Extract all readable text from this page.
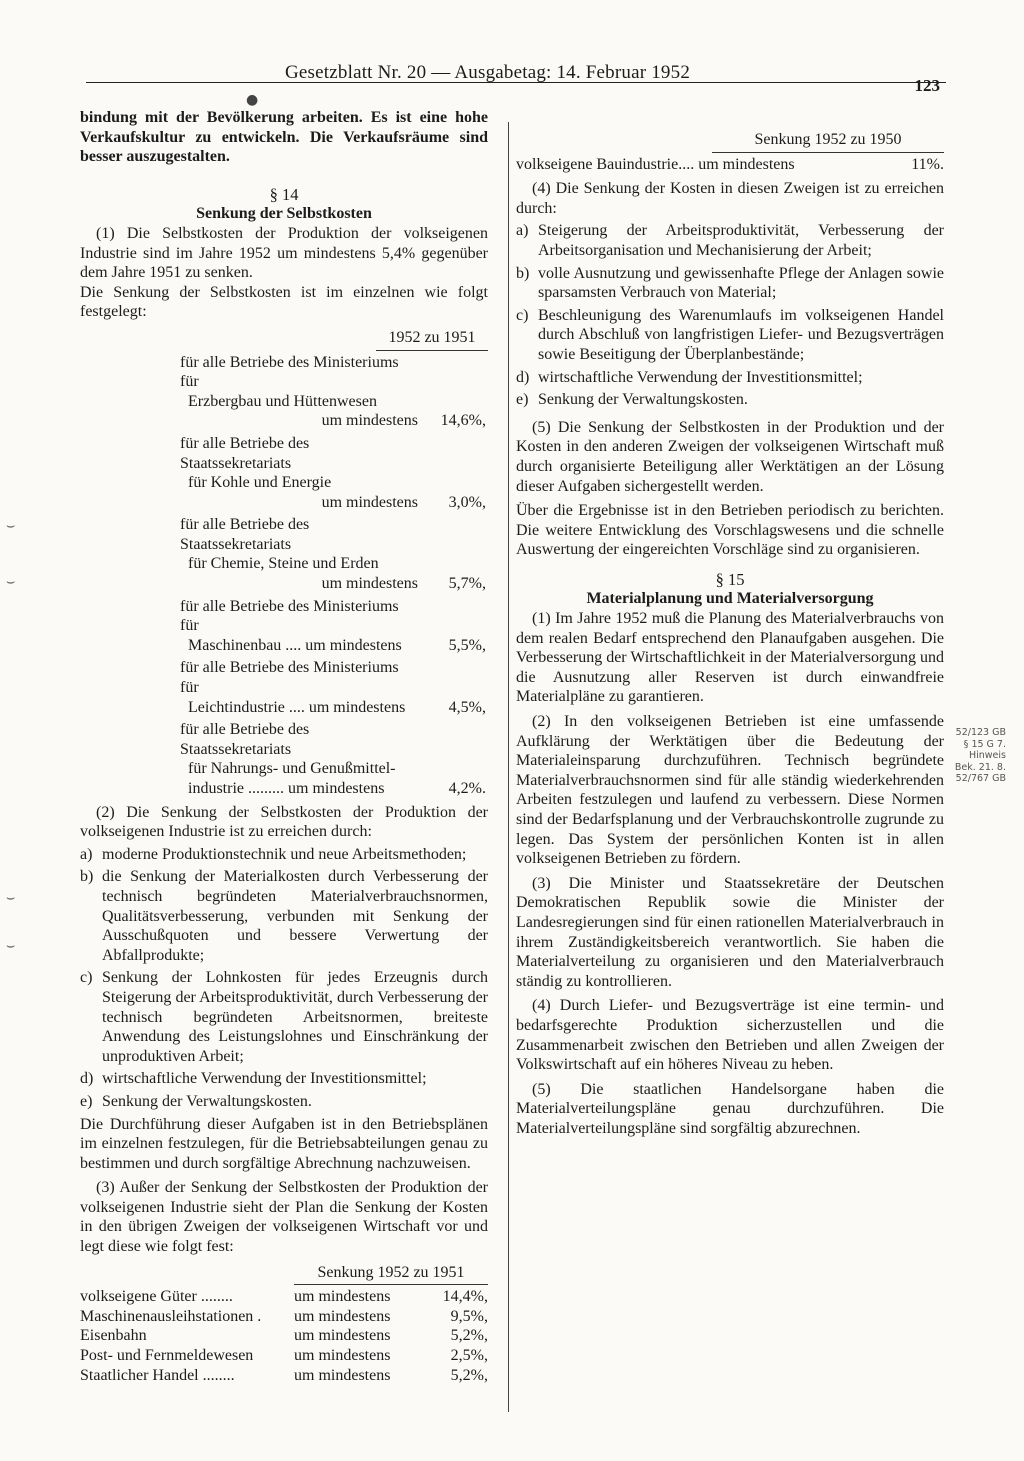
Gesetzblatt Nr. 20 — Ausgabetag: 14. Februar 1952
123
●

bindung mit der Bevölkerung arbeiten. Es ist eine hohe Verkaufskultur zu entwickeln. Die Verkaufsräume sind besser auszugestalten.

§ 14
Senkung der Selbstkosten

(1) Die Selbstkosten der Produktion der volkseigenen Industrie sind im Jahre 1952 um mindestens 5,4% gegenüber dem Jahre 1951 zu senken.

Die Senkung der Selbstkosten ist im einzelnen wie folgt festgelegt:

1952 zu 1951
für alle Betriebe des Ministeriums für
Erzbergbau und Hüttenwesen
um mindestens	14,6%,
für alle Betriebe des Staatssekretariats
für Kohle und Energie
um mindestens	3,0%,
für alle Betriebe des Staatssekretariats
für Chemie, Steine und Erden
um mindestens	5,7%,
für alle Betriebe des Ministeriums für
Maschinenbau .... um mindestens	5,5%,
für alle Betriebe des Ministeriums für
Leichtindustrie .... um mindestens	4,5%,
für alle Betriebe des Staatssekretariats
für Nahrungs- und Genußmittel-
industrie ......... um mindestens	4,2%.

(2) Die Senkung der Selbstkosten der Produktion der volkseigenen Industrie ist zu erreichen durch:

a) moderne Produktionstechnik und neue Arbeitsmethoden;
b) die Senkung der Materialkosten durch Verbesserung der technisch begründeten Materialverbrauchsnormen, Qualitätsverbesserung, verbunden mit Senkung der Ausschußquoten und bessere Verwertung der Abfallprodukte;
c) Senkung der Lohnkosten für jedes Erzeugnis durch Steigerung der Arbeitsproduktivität, durch Verbesserung der technisch begründeten Arbeitsnormen, breiteste Anwendung des Leistungslohnes und Einschränkung der unproduktiven Arbeit;
d) wirtschaftliche Verwendung der Investitionsmittel;
e) Senkung der Verwaltungskosten.

Die Durchführung dieser Aufgaben ist in den Betriebsplänen im einzelnen festzulegen, für die Betriebsabteilungen genau zu bestimmen und durch sorgfältige Abrechnung nachzuweisen.

(3) Außer der Senkung der Selbstkosten der Produktion der volkseigenen Industrie sieht der Plan die Senkung der Kosten in den übrigen Zweigen der volkseigenen Wirtschaft vor und legt diese wie folgt fest:

Senkung 1952 zu 1951
volkseigene Güter ........	um mindestens	14,4%,
Maschinenausleihstationen .	um mindestens	9,5%,
Eisenbahn	um mindestens	5,2%,
Post- und Fernmeldewesen	um mindestens	2,5%,
Staatlicher Handel ........	um mindestens	5,2%,
Senkung 1952 zu 1950
volkseigene Bauindustrie.... um mindestens	11%.

(4) Die Senkung der Kosten in diesen Zweigen ist zu erreichen durch:

a) Steigerung der Arbeitsproduktivität, Verbesserung der Arbeitsorganisation und Mechanisierung der Arbeit;
b) volle Ausnutzung und gewissenhafte Pflege der Anlagen sowie sparsamsten Verbrauch von Material;
c) Beschleunigung des Warenumlaufs im volkseigenen Handel durch Abschluß von langfristigen Liefer- und Bezugsverträgen sowie Beseitigung der Überplanbestände;
d) wirtschaftliche Verwendung der Investitionsmittel;
e) Senkung der Verwaltungskosten.

(5) Die Senkung der Selbstkosten in der Produktion und der Kosten in den anderen Zweigen der volkseigenen Wirtschaft muß durch organisierte Beteiligung aller Werktätigen an der Lösung dieser Aufgaben sichergestellt werden.

Über die Ergebnisse ist in den Betrieben periodisch zu berichten. Die weitere Entwicklung des Vorschlagswesens und die schnelle Auswertung der eingereichten Vorschläge sind zu organisieren.

§ 15
Materialplanung und Materialversorgung

(1) Im Jahre 1952 muß die Planung des Materialverbrauchs von dem realen Bedarf entsprechend den Planaufgaben ausgehen. Die Verbesserung der Wirtschaftlichkeit in der Materialversorgung und die Ausnutzung aller Reserven ist durch einwandfreie Materialpläne zu garantieren.

(2) In den volkseigenen Betrieben ist eine umfassende Aufklärung der Werktätigen über die Bedeutung der Materialeinsparung durchzuführen. Technisch begründete Materialverbrauchsnormen sind für alle ständig wiederkehrenden Arbeiten festzulegen und laufend zu verbessern. Diese Normen sind der Bedarfsplanung und der Verbrauchskontrolle zugrunde zu legen. Das System der persönlichen Konten ist in allen volkseigenen Betrieben zu fördern.

(3) Die Minister und Staatssekretäre der Deutschen Demokratischen Republik sowie die Minister der Landesregierungen sind für einen rationellen Materialverbrauch in ihrem Zuständigkeitsbereich verantwortlich. Sie haben die Materialverteilung zu organisieren und den Materialverbrauch ständig zu kontrollieren.

(4) Durch Liefer- und Bezugsverträge ist eine termin- und bedarfsgerechte Produktion sicherzustellen und die Zusammenarbeit zwischen den Betrieben und allen Zweigen der Volkswirtschaft auf ein höheres Niveau zu heben.

(5) Die staatlichen Handelsorgane haben die Materialverteilungspläne genau durchzuführen. Die Materialverteilungspläne sind sorgfältig abzurechnen.

52/123 GB
§ 15 G 7.
Hinweis
Bek. 21. 8.
52/767 GB
⌣
⌣
⌣
⌣
